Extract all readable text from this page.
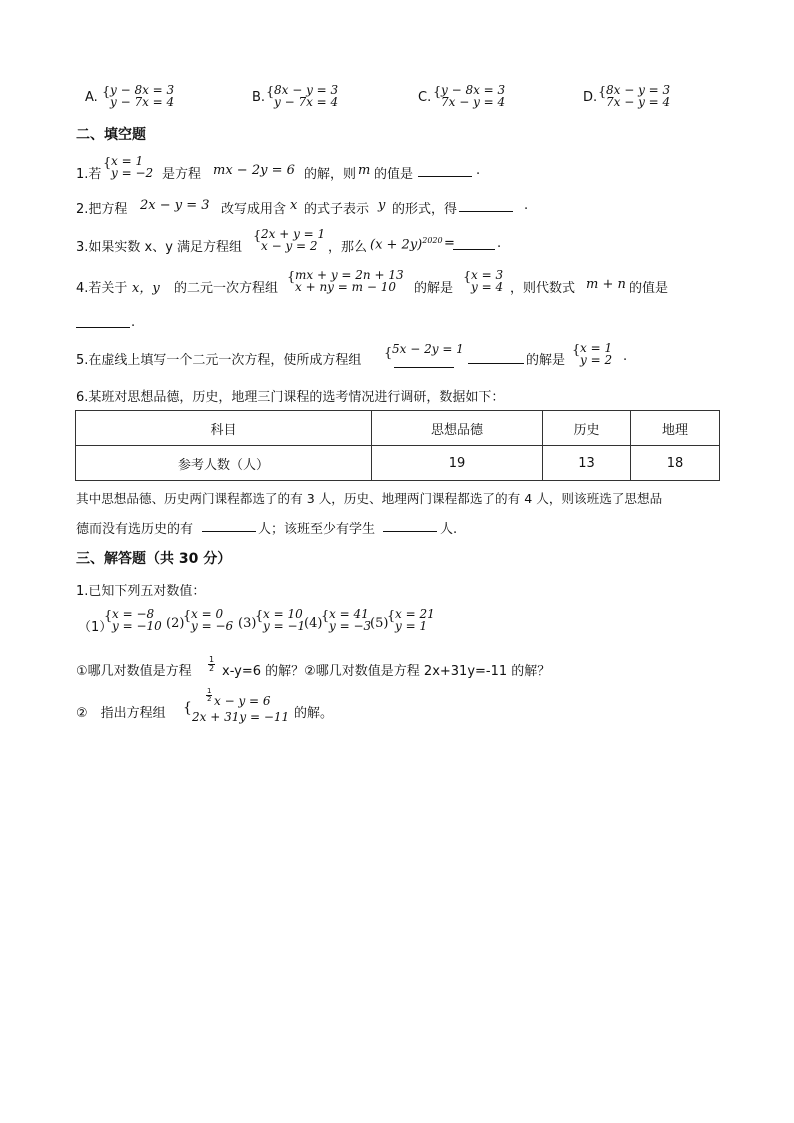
A. { y − 8x = 3
y − 7x = 4	B. { 8x − y = 3
y − 7x = 4	C. { y − 8x = 3
7x − y = 4	D. { 8x − y = 3
7x − y = 4
二、填空题
1.若
{ x = 1
y = −2 是方程 mx − 2y = 6 的解，则 m 的值是	.
2.把方程 2x − y = 3 改写成用含 x 的式子表示 y 的形式，得	.
3.如果实数 x、y 满足方程组
{ 2x + y = 1
x − y = 2 ，那么 $(x + 2y)^{2020}$ =	.
4.若关于 x，y 的二元一次方程组
{ mx + y = 2n + 13
x + ny = m − 10	的解是
{ x = 3
y = 4 ，则代数式 m + n 的值是
.
5.在虚线上填写一个二元一次方程，使所成方程组 { 5x − 2y = 1
的解是
{ x = 1
y = 2 .
6.某班对思想品德，历史，地理三门课程的选考情况进行调研，数据如下：
科目	思想品德	历史	地理
参考人数（人）	19	13	18
其中思想品德、历史两门课程都选了的有 3 人，历史、地理两门课程都选了的有 4 人，则该班选了思想品
德而没有选历史的有	人；该班至少有学生	人.
三、解答题（共 30 分）
1.已知下列五对数值：
（1）
{ x = −8
y = −10 (2)
{ x = 0
y = −6 (3)
{ x = 10
y = −1
(4)
{ x = 41
y = −3
(5)
{ x = 21
y = 1
①哪几对数值是方程 $\frac{1}{2} x-y=6$ 的解？②哪几对数值是方程 2x+31y=-11 的解？
②　指出方程组 {
$\frac{1}{2}$ x − y = 6
2x + 31y = −11 的解。
